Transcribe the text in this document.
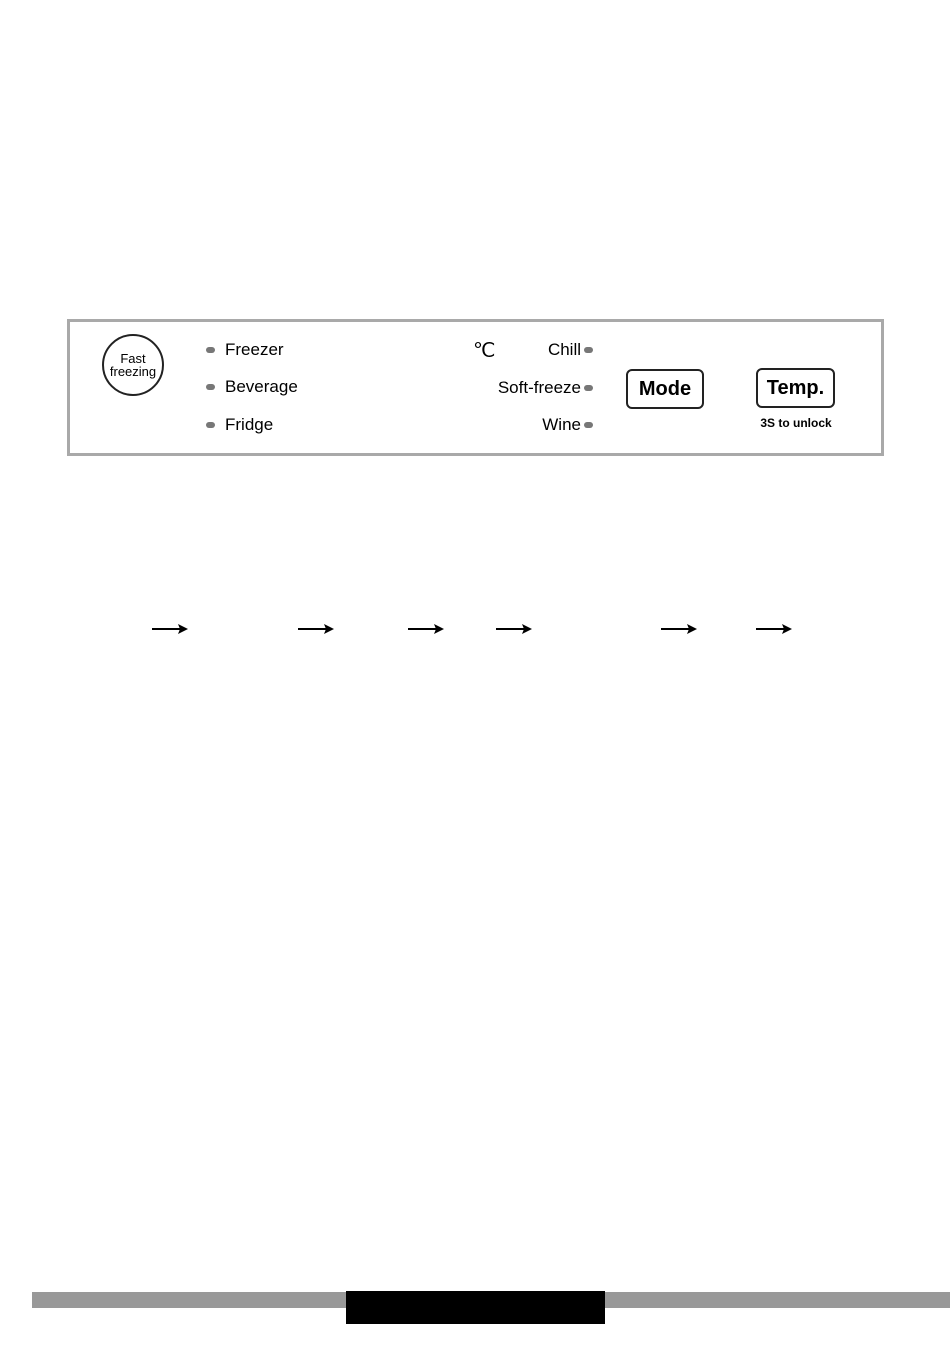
Fast
freezing
Freezer
Beverage
Fridge
℃	Chill
Soft-freeze
Wine
Mode	Temp.
3S to unlock
